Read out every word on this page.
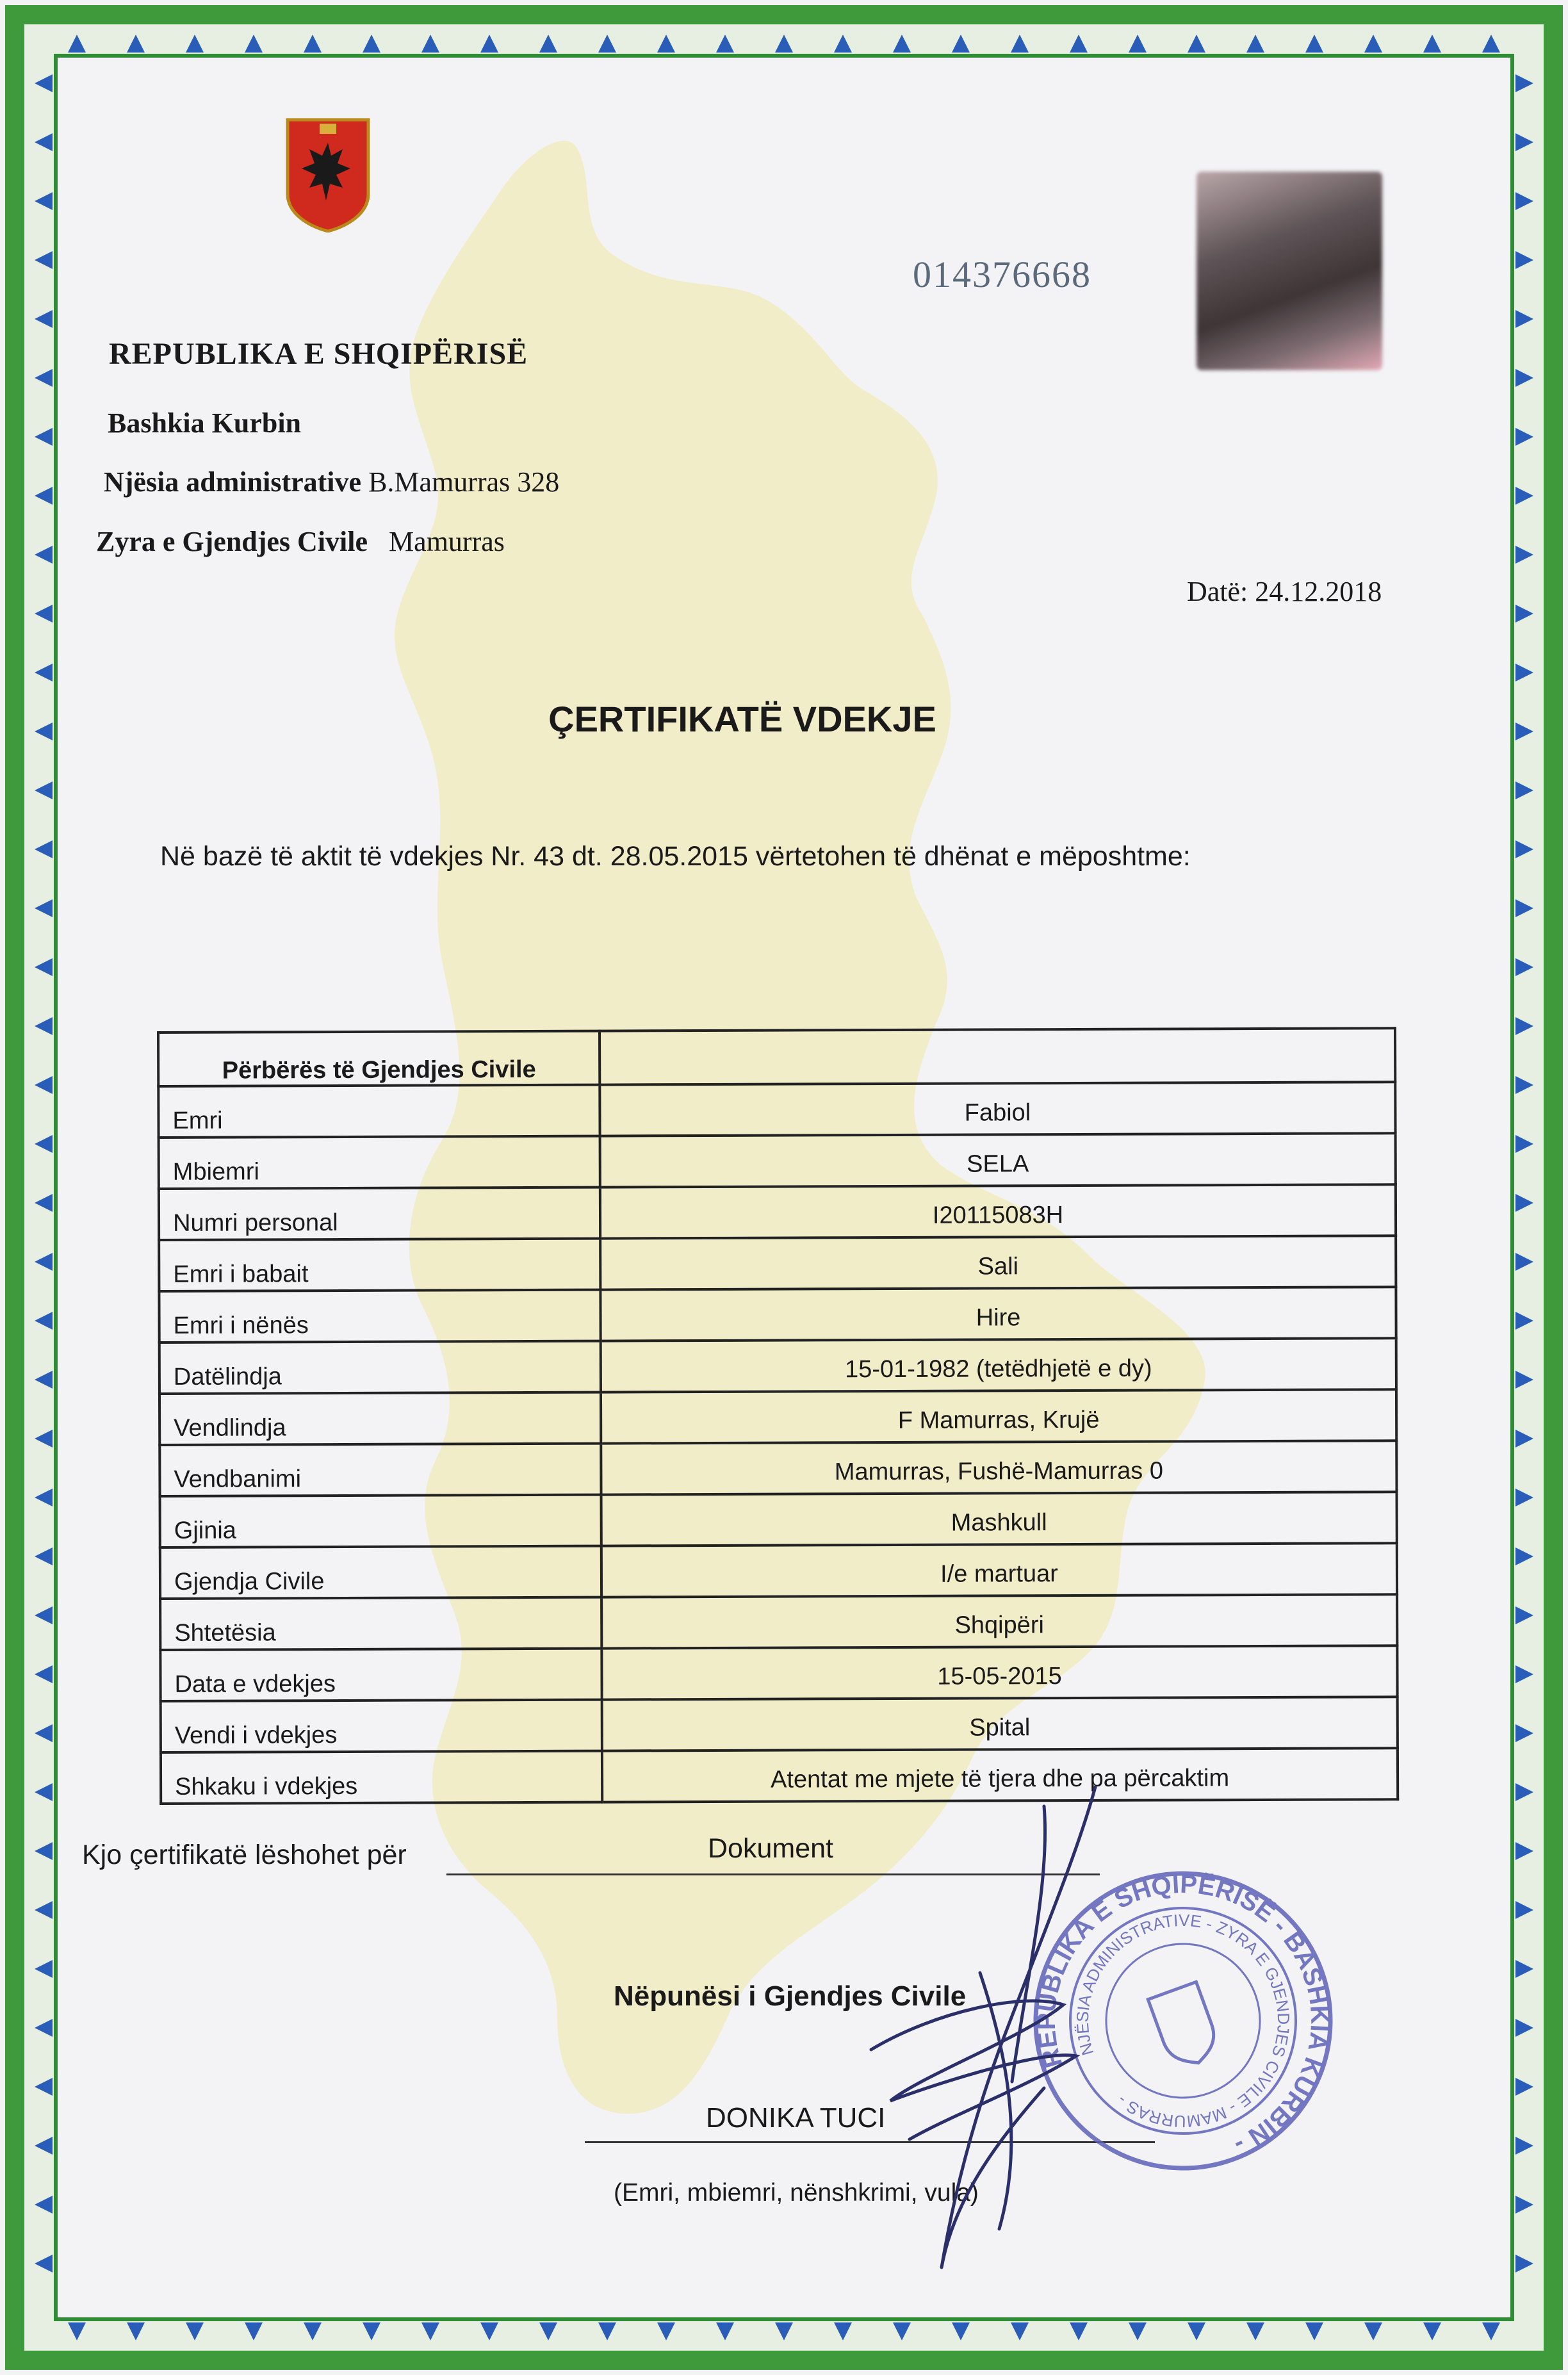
014376668
REPUBLIKA E SHQIPËRISË
Bashkia Kurbin
Njësia administrative B.Mamurras 328
Zyra e Gjendjes Civile Mamurras
Datë: 24.12.2018
ÇERTIFIKATË VDEKJE
Në bazë të aktit të vdekjes Nr. 43 dt. 28.05.2015 vërtetohen të dhënat e mëposhtme:
Përbërës të Gjendjes Civile	
Emri	Fabiol
Mbiemri	SELA
Numri personal	I20115083H
Emri i babait	Sali
Emri i nënës	Hire
Datëlindja	15-01-1982 (tetëdhjetë e dy)
Vendlindja	F Mamurras, Krujë
Vendbanimi	Mamurras, Fushë-Mamurras 0
Gjinia	Mashkull
Gjendja Civile	I/e martuar
Shtetësia	Shqipëri
Data e vdekjes	15-05-2015
Vendi i vdekjes	Spital
Shkaku i vdekjes	Atentat me mjete të tjera dhe pa përcaktim
Kjo çertifikatë lëshohet për	Dokument
Nëpunësi i Gjendjes Civile
DONIKA TUCI
(Emri, mbiemri, nënshkrimi, vula)
REPUBLIKA E SHQIPËRISË - BASHKIA KURBIN -
NJËSIA ADMINISTRATIVE - ZYRA E GJENDJES CIVILE - MAMURRAS -
